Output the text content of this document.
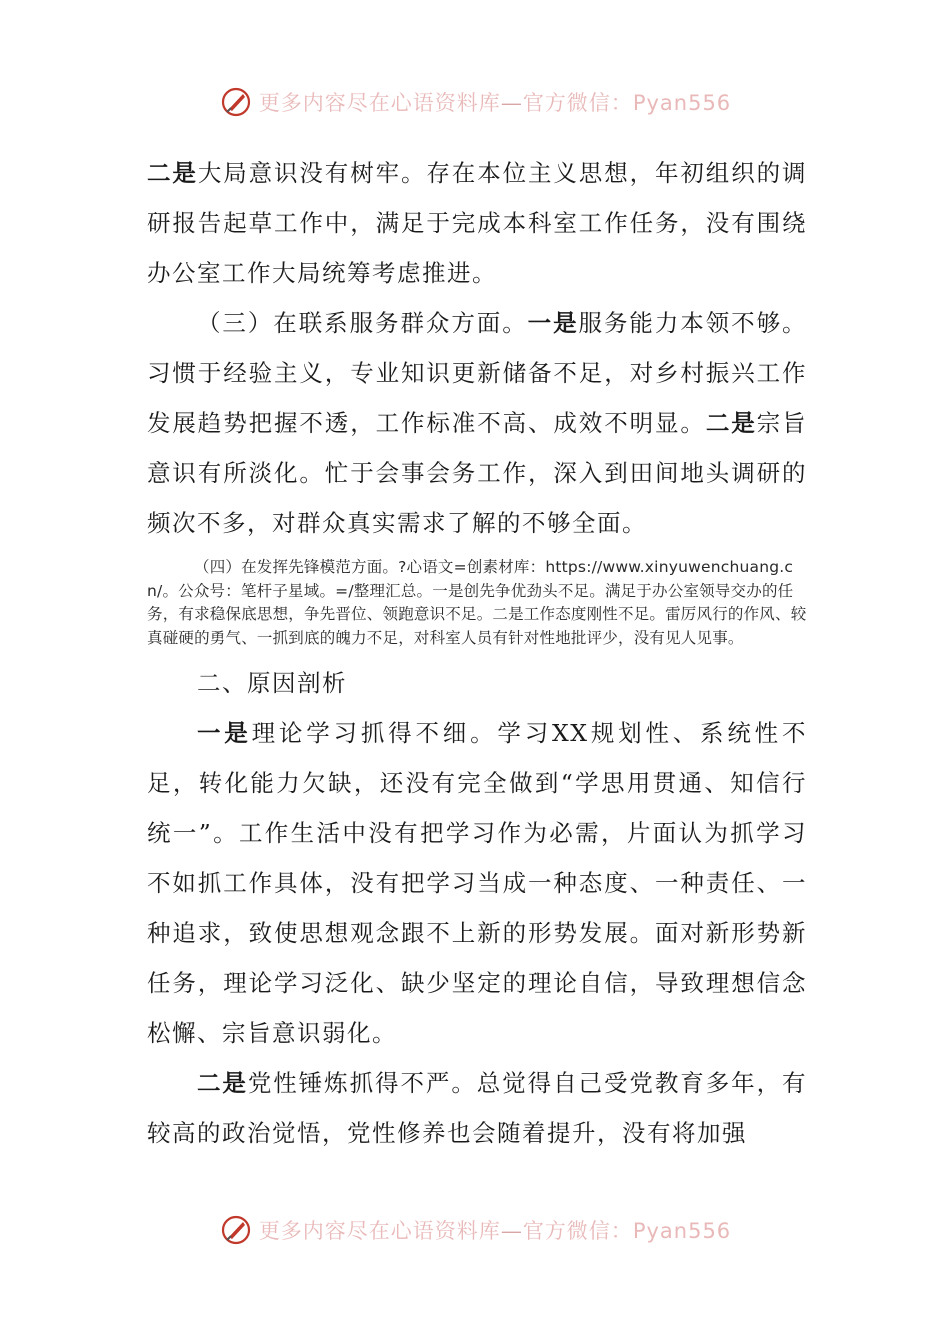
更多内容尽在心语资料库—官方微信：Pyan556

二是大局意识没有树牢。存在本位主义思想，年初组织的调研报告起草工作中，满足于完成本科室工作任务，没有围绕办公室工作大局统筹考虑推进。

（三）在联系服务群众方面。一是服务能力本领不够。习惯于经验主义，专业知识更新储备不足，对乡村振兴工作发展趋势把握不透，工作标准不高、成效不明显。二是宗旨意识有所淡化。忙于会事会务工作，深入到田间地头调研的频次不多，对群众真实需求了解的不够全面。

（四）在发挥先锋模范方面。?心语文=创素材库：https://www.xinyuwenchuang.cn/。公众号：笔杆子星域。=/整理汇总。一是创先争优劲头不足。满足于办公室领导交办的任务，有求稳保底思想，争先晋位、领跑意识不足。二是工作态度刚性不足。雷厉风行的作风、较真碰硬的勇气、一抓到底的魄力不足，对科室人员有针对性地批评少，没有见人见事。

二、原因剖析

一是理论学习抓得不细。学习XX规划性、系统性不足，转化能力欠缺，还没有完全做到“学思用贯通、知信行统一”。工作生活中没有把学习作为必需，片面认为抓学习不如抓工作具体，没有把学习当成一种态度、一种责任、一种追求，致使思想观念跟不上新的形势发展。面对新形势新任务，理论学习泛化、缺少坚定的理论自信，导致理想信念松懈、宗旨意识弱化。

二是党性锤炼抓得不严。总觉得自己受党教育多年，有较高的政治觉悟，党性修养也会随着提升，没有将加强

更多内容尽在心语资料库—官方微信：Pyan556
